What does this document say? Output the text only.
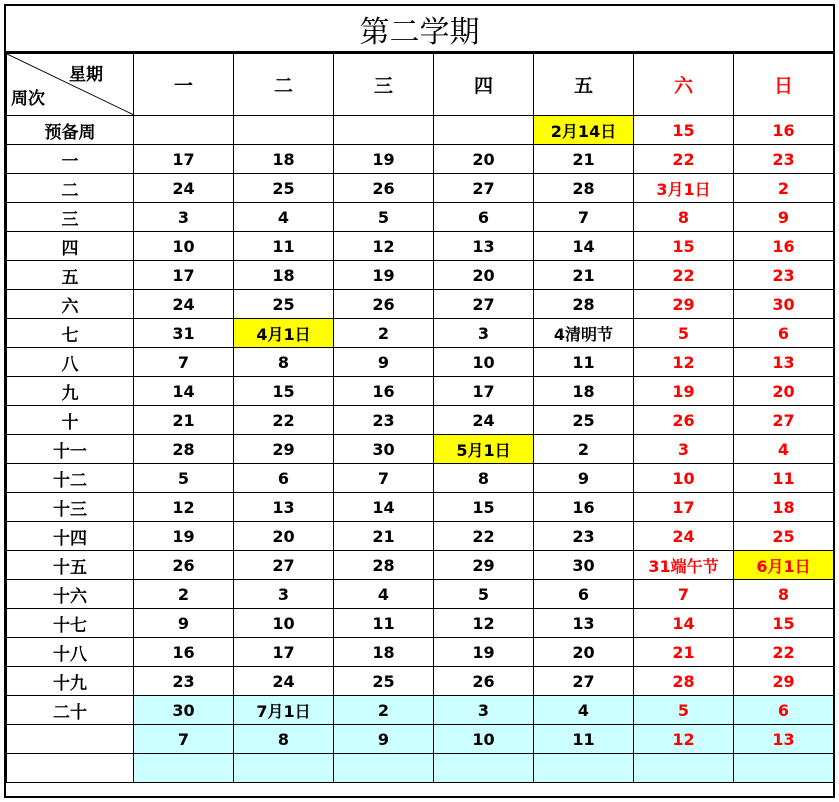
第二学期
星期
周次	一	二	三	四	五	六	日
预备周					2月14日	15	16
一	17	18	19	20	21	22	23
二	24	25	26	27	28	3月1日	2
三	3	4	5	6	7	8	9
四	10	11	12	13	14	15	16
五	17	18	19	20	21	22	23
六	24	25	26	27	28	29	30
七	31	4月1日	2	3	4清明节	5	6
八	7	8	9	10	11	12	13
九	14	15	16	17	18	19	20
十	21	22	23	24	25	26	27
十一	28	29	30	5月1日	2	3	4
十二	5	6	7	8	9	10	11
十三	12	13	14	15	16	17	18
十四	19	20	21	22	23	24	25
十五	26	27	28	29	30	31端午节	6月1日
十六	2	3	4	5	6	7	8
十七	9	10	11	12	13	14	15
十八	16	17	18	19	20	21	22
十九	23	24	25	26	27	28	29
二十	30	7月1日	2	3	4	5	6
	7	8	9	10	11	12	13
